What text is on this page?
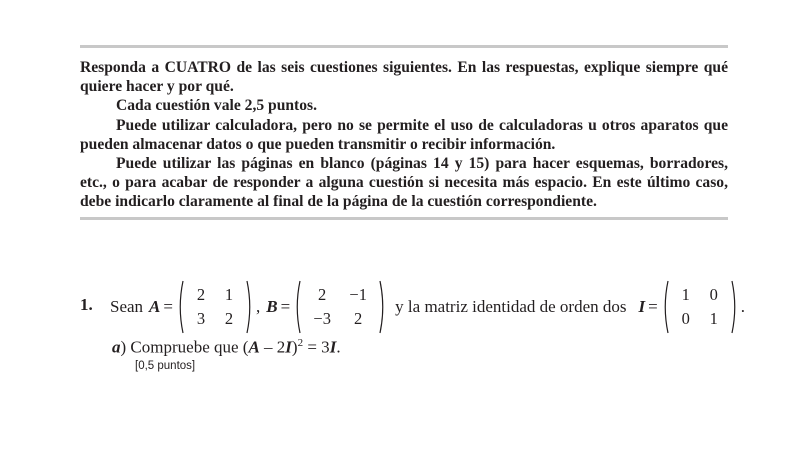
Responda a CUATRO de las seis cuestiones siguientes. En las respuestas, explique siempre qué quiere hacer y por qué.

Cada cuestión vale 2,5 puntos.

Puede utilizar calculadora, pero no se permite el uso de calculadoras u otros aparatos que pueden almacenar datos o que pueden transmitir o recibir información.

Puede utilizar las páginas en blanco (páginas 14 y 15) para hacer esquemas, borradores, etc., o para acabar de responder a alguna cuestión si necesita más espacio. En este último caso, debe indicarlo claramente al final de la página de la cuestión correspondiente.

1. Sean A =
2	1
3	2
, B =
2	−1
−3	2
y la matriz identidad de orden dos I =
1	0
0	1
.
a) Compruebe que (A – 2I)$^2$ = 3I.
[0,5 puntos]
